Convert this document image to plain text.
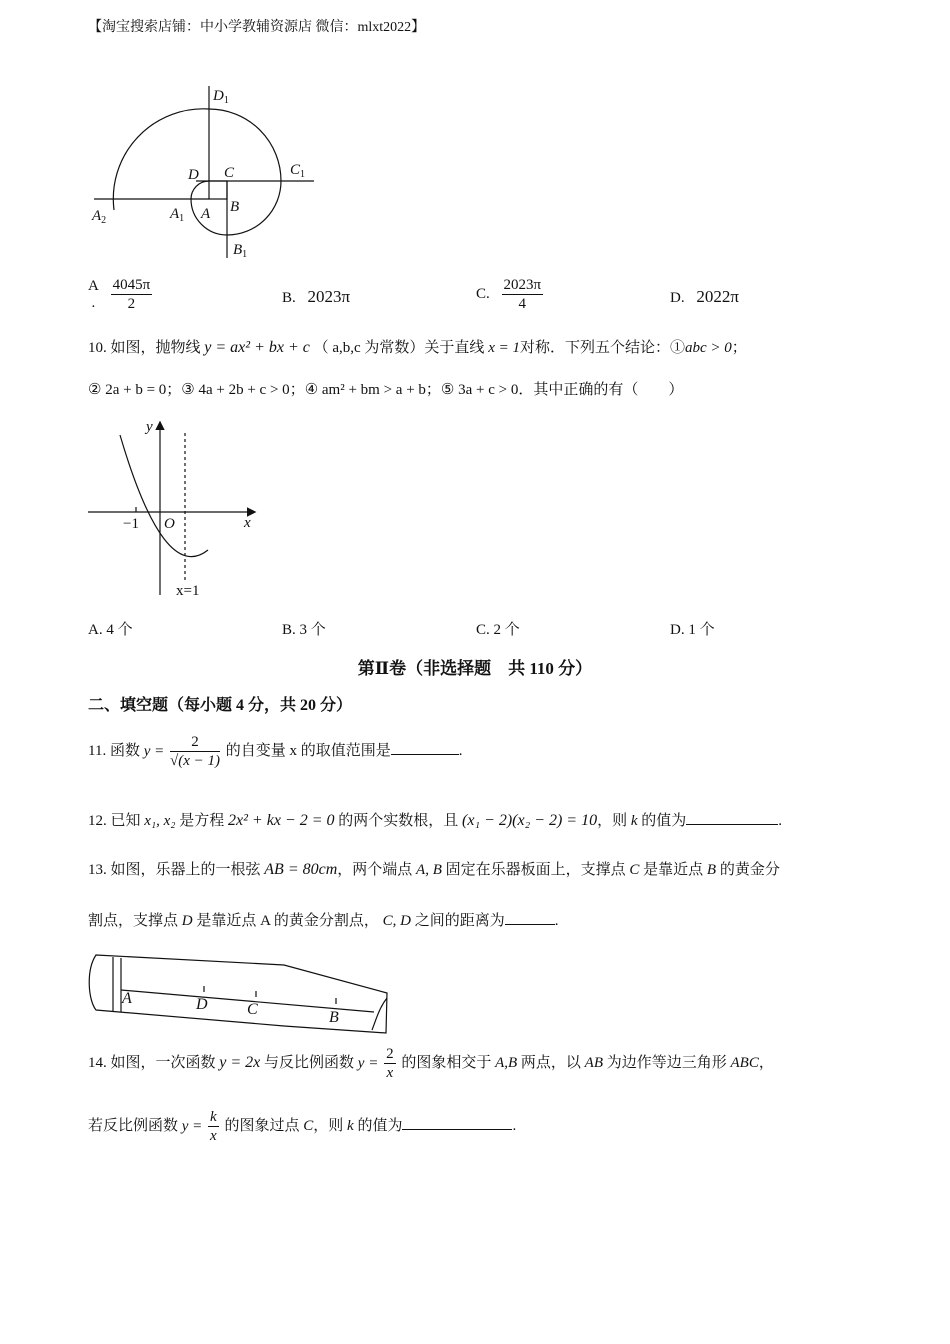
【淘宝搜索店铺：中小学教辅资源店 微信：mlxt2022】
$D_1$
$C_1$
$A_2$	$A_1$
$B_1$
D C
A B
A
.
$\frac{4045\pi}{2}$	B. 2023π	C. $\frac{2023\pi}{4}$	D. 2022π
10. 如图，抛物线 y = ax² + bx + c （ a,b,c 为常数）关于直线 x = 1对称．下列五个结论：①abc > 0；
② 2a + b = 0；③ 4a + 2b + c > 0；④ am² + bm > a + b；⑤ 3a + c > 0．其中正确的有（　　）
y
x
O
−1
x=1
A. 4 个	B. 3 个	C. 2 个	D. 1 个
第Ⅱ卷（非选择题　共 110 分）
二、填空题（每小题 4 分，共 20 分）
11. 函数 $y = \frac{2}{√(x - 1)}$ 的自变量 x 的取值范围是	.
12. 已知 x₁, x₂ 是方程 2x² + kx − 2 = 0 的两个实数根，且 (x₁ − 2)(x₂ − 2) = 10，则 k 的值为	.
13. 如图，乐器上的一根弦 AB = 80cm，两个端点 A, B 固定在乐器板面上，支撑点 C 是靠近点 B 的黄金分
割点，支撑点 D 是靠近点 A 的黄金分割点， C, D 之间的距离为	.
A	D C	B
14. 如图，一次函数 y = 2x 与反比例函数 $y = \frac{2}{x}$ 的图象相交于 A,B 两点，以 AB 为边作等边三角形 ABC，
若反比例函数 $y = \frac{k}{x}$ 的图象过点 C，则 k 的值为	.
